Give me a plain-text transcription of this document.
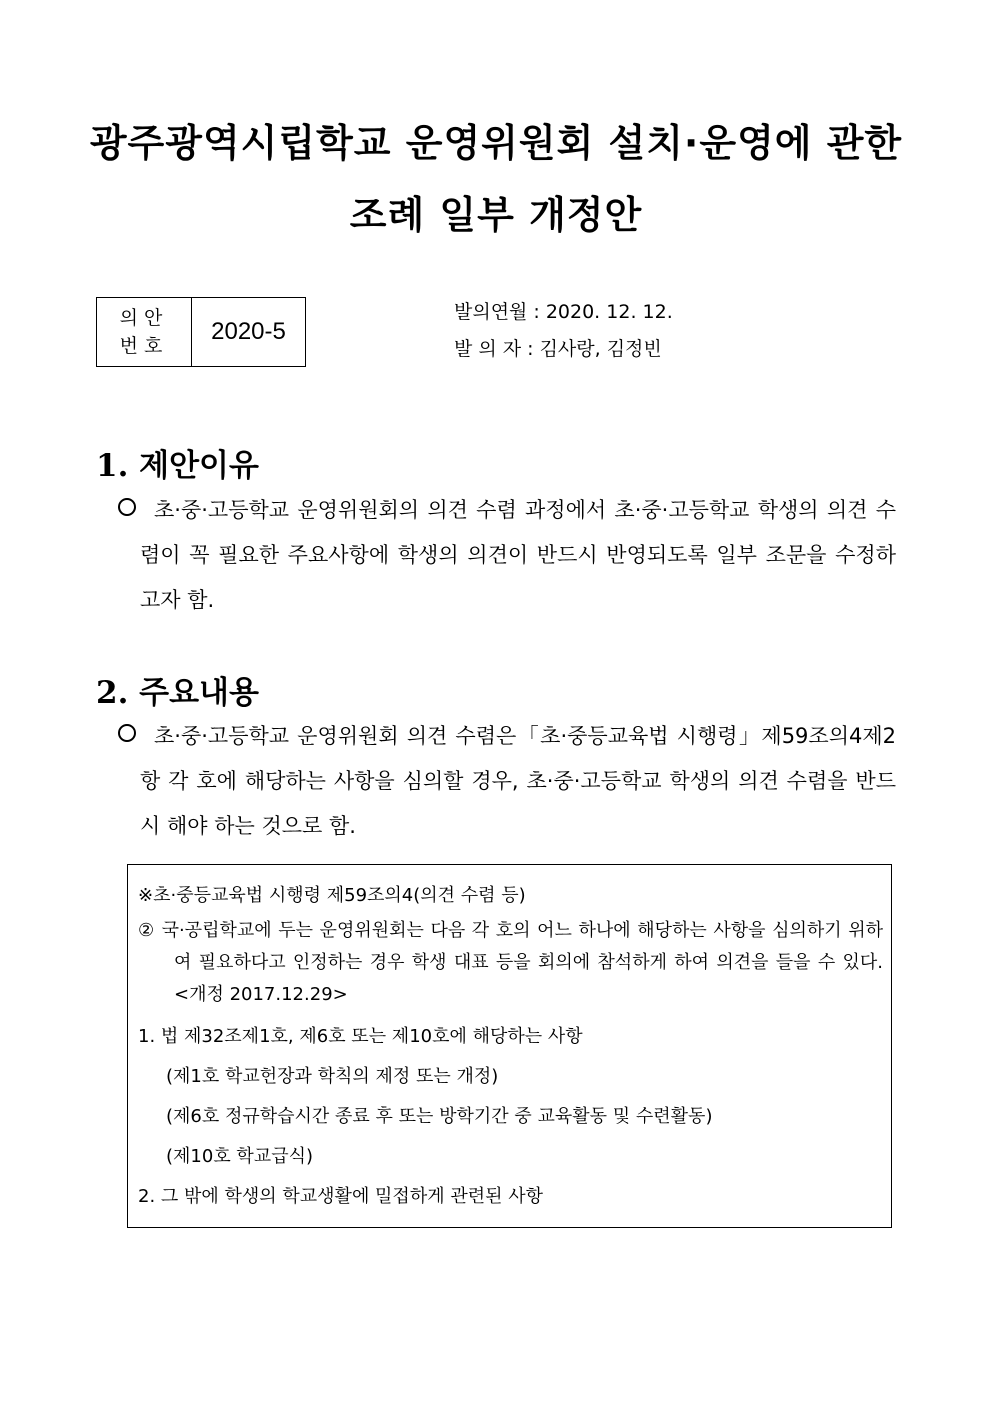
광주광역시립학교 운영위원회 설치·운영에 관한
조례 일부 개정안
의안
번호
2020-5
발의연월 : 2020. 12. 12.
발 의 자 : 김사랑, 김정빈
1. 제안이유
초·중·고등학교 운영위원회의 의견 수렴 과정에서 초·중·고등학교 학생의 의견 수렴이 꼭 필요한 주요사항에 학생의 의견이 반드시 반영되도록 일부 조문을 수정하고자 함.
2. 주요내용
초·중·고등학교 운영위원회 의견 수렴은「초·중등교육법 시행령」제59조의4제2항 각 호에 해당하는 사항을 심의할 경우, 초·중·고등학교 학생의 의견 수렴을 반드시 해야 하는 것으로 함.
※초·중등교육법 시행령 제59조의4(의견 수렴 등)

② 국·공립학교에 두는 운영위원회는 다음 각 호의 어느 하나에 해당하는 사항을 심의하기 위하여 필요하다고 인정하는 경우 학생 대표 등을 회의에 참석하게 하여 의견을 들을 수 있다. <개정 2017.12.29>

1. 법 제32조제1호, 제6호 또는 제10호에 해당하는 사항
(제1호 학교헌장과 학칙의 제정 또는 개정)
(제6호 정규학습시간 종료 후 또는 방학기간 중 교육활동 및 수련활동)
(제10호 학교급식)
2. 그 밖에 학생의 학교생활에 밀접하게 관련된 사항
